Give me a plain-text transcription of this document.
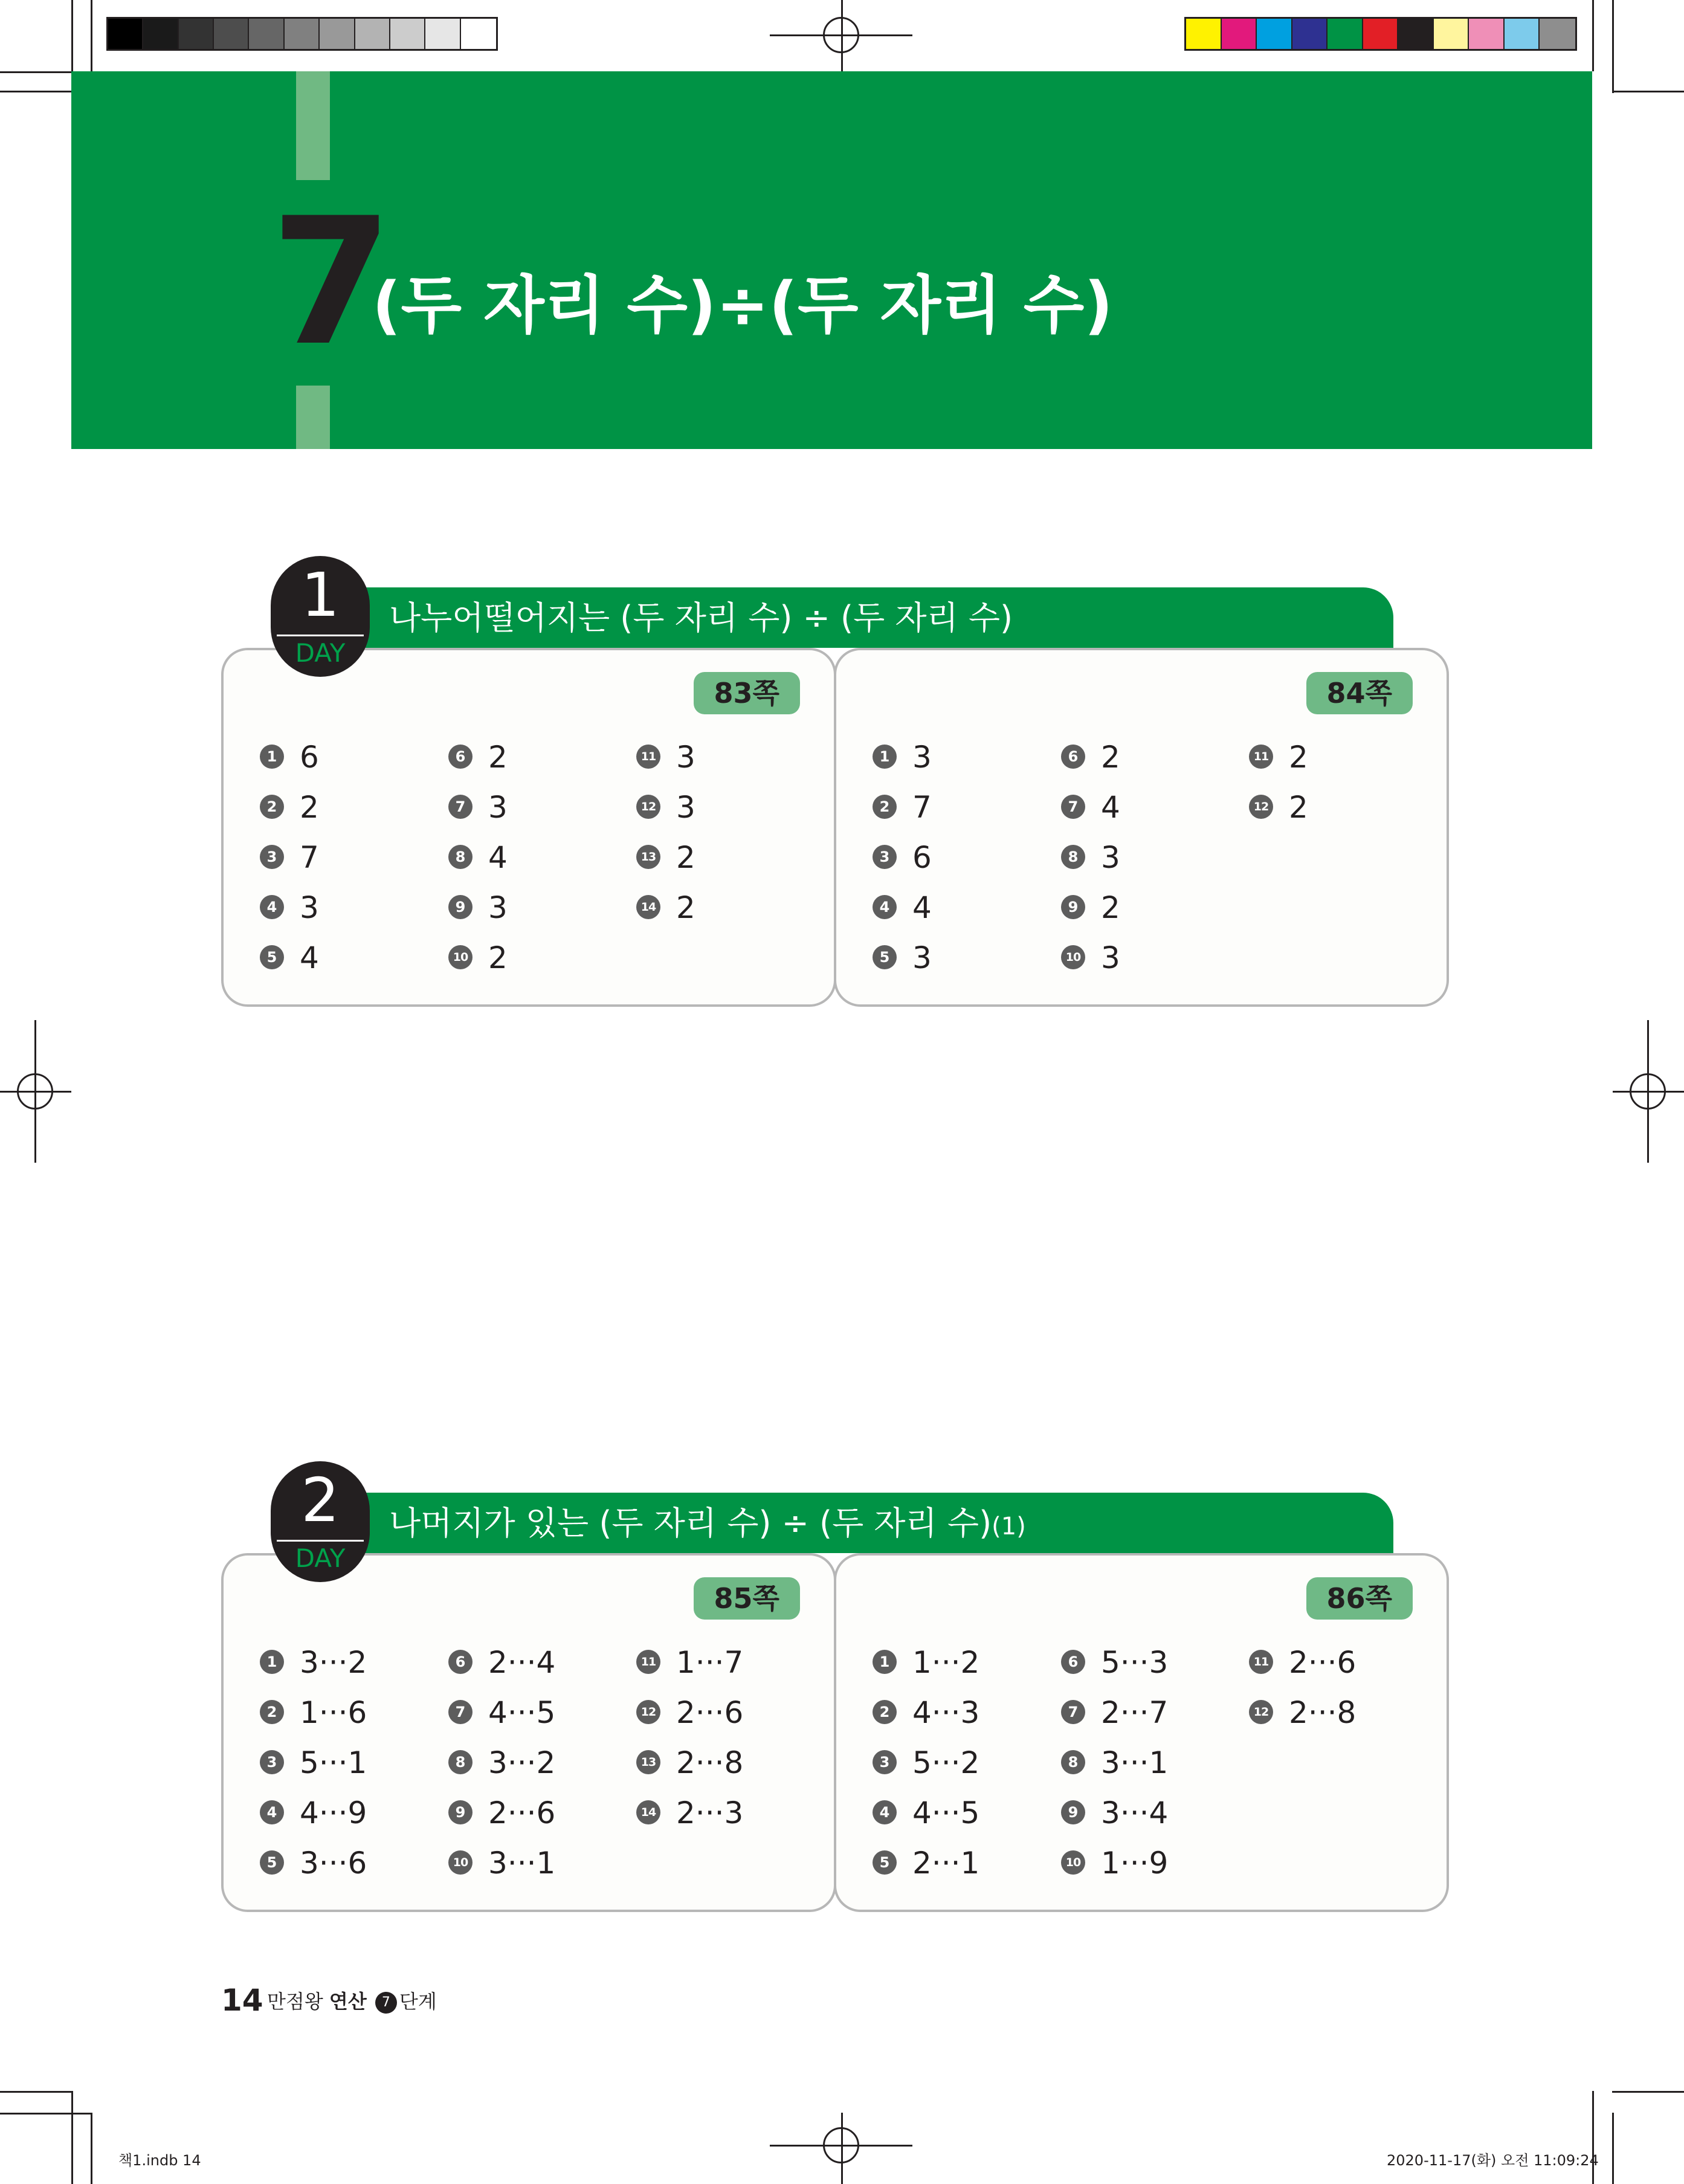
7
(두 자리 수)÷(두 자리 수)
나누어떨어지는 (두 자리 수) ÷ (두 자리 수)
83쪽
1 6
2 2
3 7
4 3
5 4
6 2
7 3
8 4
9 3
10 2
11 3
12 3
13 2
14 2
84쪽
1 3
2 7
3 6
4 4
5 3
6 2
7 4
8 3
9 2
10 3
11 2
12 2
1
DAY
나머지가 있는 (두 자리 수) ÷ (두 자리 수)(1)
85쪽
1 3···2
2 1···6
3 5···1
4 4···9
5 3···6
6 2···4
7 4···5
8 3···2
9 2···6
10 3···1
11 1···7
12 2···6
13 2···8
14 2···3
86쪽
1 1···2
2 4···3
3 5···2
4 4···5
5 2···1
6 5···3
7 2···7
8 3···1
9 3···4
10 1···9
11 2···6
12 2···8
2
DAY
14 만점왕 연산 7 단계
책1.indb 14	2020-11-17(화) 오전 11:09:24
